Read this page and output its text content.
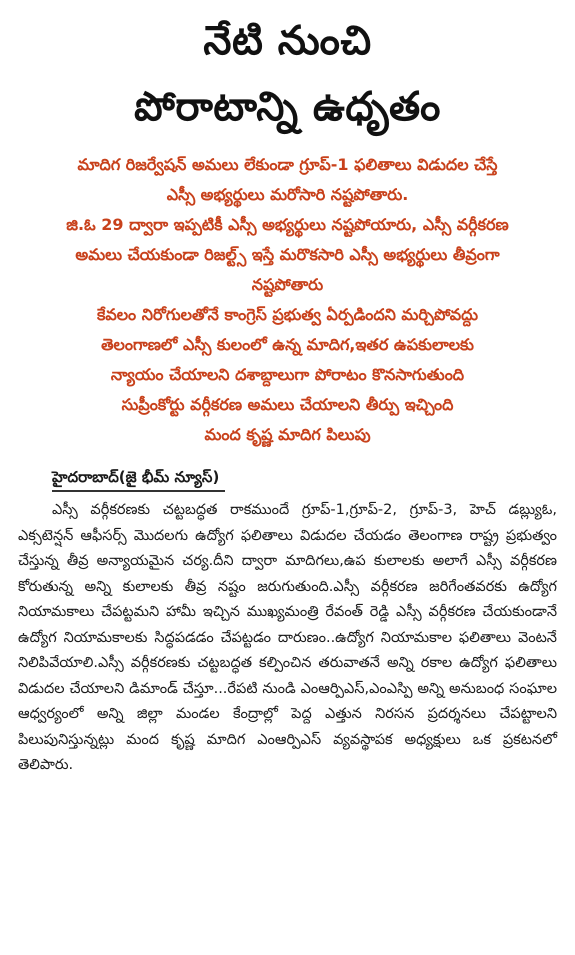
నేటి నుంచి
పోరాటాన్ని ఉధృతం
మాదిగ రిజర్వేషన్ అమలు లేకుండా గ్రూప్-1 ఫలితాలు విడుదల చేస్తే
ఎస్సీ అభ్యర్థులు మరోసారి నష్టపోతారు.
జి.ఓ 29 ద్వారా ఇప్పటికీ ఎస్సీ అభ్యర్థులు నష్టపోయారు, ఎస్సీ వర్గీకరణ
అమలు చేయకుండా రిజల్ట్స్ ఇస్తే మరొకసారి ఎస్సీ అభ్యర్థులు తీవ్రంగా
నష్టపోతారు
కేవలం నిరోగులతోనే కాంగ్రెస్ ప్రభుత్వ ఏర్పడిందని మర్చిపోవద్దు
తెలంగాణలో ఎస్సీ కులంలో ఉన్న మాదిగ,ఇతర ఉపకులాలకు
న్యాయం చేయాలని దశాబ్దాలుగా పోరాటం కొనసాగుతుంది
సుప్రీంకోర్టు వర్గీకరణ అమలు చేయాలని తీర్పు ఇచ్చింది
మంద కృష్ణ మాదిగ పిలుపు
హైదరాబాద్(జై భీమ్ న్యూస్)

ఎస్సీ వర్గీకరణకు చట్టబద్ధత రాకముందే గ్రూప్-1,గ్రూప్-2, గ్రూప్-3, హెచ్ డబ్ల్యుఓ, ఎక్సటెన్షన్ ఆఫీసర్స్ మొదలగు ఉద్యోగ ఫలితాలు విడుదల చేయడం తెలంగాణ రాష్ట్ర ప్రభుత్వం చేస్తున్న తీవ్ర అన్యాయమైన చర్య.దీని ద్వారా మాదిగలు,ఉప కులాలకు అలాగే ఎస్సీ వర్గీకరణ కోరుతున్న అన్ని కులాలకు తీవ్ర నష్టం జరుగుతుంది.ఎస్సీ వర్గీకరణ జరిగేంతవరకు ఉద్యోగ నియామకాలు చేపట్టమని హామీ ఇచ్చిన ముఖ్యమంత్రి రేవంత్ రెడ్డి ఎస్సీ వర్గీకరణ చేయకుండానే ఉద్యోగ నియామకాలకు సిద్ధపడడం చేపట్టడం దారుణం..ఉద్యోగ నియామకాల ఫలితాలు వెంటనే నిలిపివేయాలి.ఎస్సీ వర్గీకరణకు చట్టబద్ధత కల్పించిన తరువాతనే అన్ని రకాల ఉద్యోగ ఫలితాలు విడుదల చేయాలని డిమాండ్ చేస్తూ...రేపటి నుండి ఎంఆర్పిఎస్,ఎంఎస్పి అన్ని అనుబంధ సంఘాల ఆధ్వర్యంలో అన్ని జిల్లా మండల కేంద్రాల్లో పెద్ద ఎత్తున నిరసన ప్రదర్శనలు చేపట్టాలని పిలుపునిస్తున్నట్లు మంద కృష్ణ మాదిగ ఎంఆర్పిఎస్ వ్యవస్థాపక అధ్యక్షులు ఒక ప్రకటనలో తెలిపారు.
